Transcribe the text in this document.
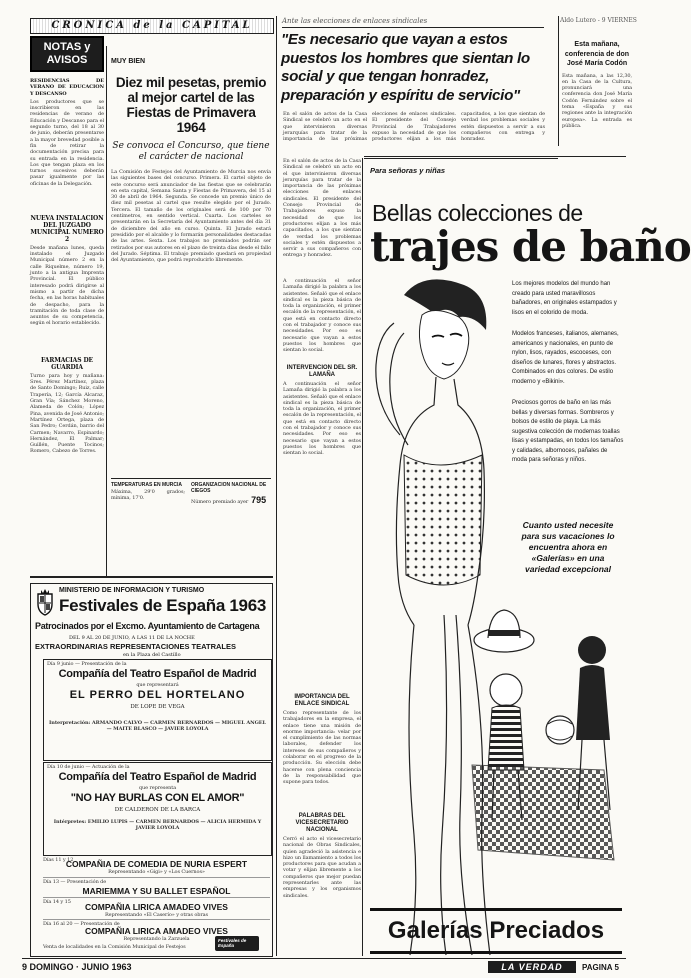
CRONICA de la CAPITAL	Ante las elecciones de enlaces sindicales	Aldo Lutero - 9 VIERNES
NOTAS y AVISOS
RESIDENCIAS DE VERANO DE EDUCACION Y DESCANSO
Los productores que se inscribieron en las residencias de verano de Educación y Descanso para el segundo turno, del 18 al 30 de junio, deberán presentarse a la mayor brevedad posible a fin de retirar la documentación precisa para su entrada en la residencia. Los que tengan plaza en los turnos sucesivos deberán pasar igualmente por las oficinas de la Delegación.
NUEVA INSTALACION DEL JUZGADO MUNICIPAL NUMERO 2
Desde mañana lunes, queda instalado el Juzgado Municipal número 2 en la calle Riquelme, número 19, junto a la antigua Imprenta Provincial. El público interesado podrá dirigirse al mismo a partir de dicha fecha, en las horas habituales de despacho, para la tramitación de toda clase de asuntos de su competencia, según el horario establecido.
FARMACIAS DE GUARDIA
Turno para hoy y mañana: Sres. Pérez Martínez, plaza de Santo Domingo; Ruiz, calle Trapería, 12; García Alcaraz, Gran Vía; Sánchez Moreno, Alameda de Colón; López Pina, avenida de José Antonio; Martínez Ortega, plaza de San Pedro; Cerdán, barrio del Carmen; Navarro, Espinardo; Hernández, El Palmar; Guillén, Puente Tocinos; Romero, Cabezo de Torres.
MUY BIEN
Diez mil pesetas, premio al mejor cartel de las Fiestas de Primavera 1964
Se convoca el Concurso, que tiene el carácter de nacional
La Comisión de Festejos del Ayuntamiento de Murcia nos envía las siguientes bases del concurso. Primera. El cartel objeto de este concurso será anunciador de las fiestas que se celebrarán en esta capital, Semana Santa y Fiestas de Primavera, del 15 al 30 de abril de 1964. Segunda. Se concede un premio único de diez mil pesetas al cartel que resulte elegido por el Jurado. Tercera. El tamaño de los originales será de 100 por 70 centímetros, en sentido vertical. Cuarta. Los carteles se presentarán en la Secretaría del Ayuntamiento antes del día 31 de diciembre del año en curso. Quinta. El Jurado estará presidido por el alcalde y lo formarán personalidades destacadas de las artes. Sexta. Los trabajos no premiados podrán ser retirados por sus autores en el plazo de treinta días desde el fallo del Jurado. Séptima. El trabajo premiado quedará en propiedad del Ayuntamiento, que podrá reproducirlo libremente.
TEMPERATURAS EN MURCIA
Máxima, 29'0 grados; mínima, 17'0.
ORGANIZACION NACIONAL DE CIEGOS
Número premiado ayer 795
MINISTERIO DE INFORMACION Y TURISMO
Festivales de España 1963
Patrocinados por el Excmo. Ayuntamiento de Cartagena
DEL 9 AL 20 DE JUNIO, A LAS 11 DE LA NOCHE
EXTRAORDINARIAS REPRESENTACIONES TEATRALES
en la Plaza del Castillo
Día 9 junio — Presentación de la
Compañía del Teatro Español de Madrid
que representará
EL PERRO DEL HORTELANO
DE LOPE DE VEGA
Interpretación: ARMANDO CALVO — CARMEN BERNARDOS — MIGUEL ANGEL — MAITE BLASCO — JAVIER LOYOLA
Día 10 de junio — Actuación de la
Compañía del Teatro Español de Madrid
que representa
"NO HAY BURLAS CON EL AMOR"
DE CALDERON DE LA BARCA
Intérpretes: EMILIO LUPIS — CARMEN BERNARDOS — ALICIA HERMIDA Y JAVIER LOYOLA
Días 11 y 12
COMPAÑIA DE COMEDIA DE NURIA ESPERT
Representando «Gigi» y «Los Cuernos»
Día 13 — Presentación de
MARIEMMA Y SU BALLET ESPAÑOL
Día 14 y 15	COMPAÑIA LIRICA AMADEO VIVES
Representando «El Caserío» y otras obras
Día 16 al 20 — Presentación de
COMPAÑIA LIRICA AMADEO VIVES
Representando la Zarzuela
Venta de localidades en la Comisión Municipal de Festejos
Festivales de España
"Es necesario que vayan a estos puestos los hombres que sientan lo social y que tengan honradez, preparación y espíritu de servicio"
En el salón de actos de la Casa Sindical se celebró un acto en el que intervinieron diversas jerarquías para tratar de la importancia de las próximas elecciones de enlaces sindicales. El presidente del Consejo Provincial de Trabajadores expuso la necesidad de que los productores elijan a los más capacitados, a los que sientan de verdad los problemas sociales y estén dispuestos a servir a sus compañeros con entrega y honradez.
En el salón de actos de la Casa Sindical se celebró un acto en el que intervinieron diversas jerarquías para tratar de la importancia de las próximas elecciones de enlaces sindicales. El presidente del Consejo Provincial de Trabajadores expuso la necesidad de que los productores elijan a los más capacitados, a los que sientan de verdad los problemas sociales y estén dispuestos a servir a sus compañeros con entrega y honradez.
A continuación el señor Lamaña dirigió la palabra a los asistentes. Señaló que el enlace sindical es la pieza básica de toda la organización, el primer escalón de la representación, el que está en contacto directo con el trabajador y conoce sus necesidades. Por eso es necesario que vayan a estos puestos los hombres que sientan lo social.
INTERVENCION DEL SR. LAMAÑA
A continuación el señor Lamaña dirigió la palabra a los asistentes. Señaló que el enlace sindical es la pieza básica de toda la organización, el primer escalón de la representación, el que está en contacto directo con el trabajador y conoce sus necesidades. Por eso es necesario que vayan a estos puestos los hombres que sientan lo social.
IMPORTANCIA DEL ENLACE SINDICAL
Como representante de los trabajadores en la empresa, el enlace tiene una misión de enorme importancia: velar por el cumplimiento de las normas laborales, defender los intereses de sus compañeros y colaborar en el progreso de la producción. Su elección debe hacerse con plena conciencia de la responsabilidad que supone para todos.
PALABRAS DEL VICESECRETARIO NACIONAL
Cerró el acto el vicesecretario nacional de Obras Sindicales, quien agradeció la asistencia e hizo un llamamiento a todos los productores para que acudan a votar y elijan libremente a los compañeros que mejor puedan representarles ante las empresas y los organismos sindicales.
Para señoras y niñas
Bellas colecciones de
trajes de baño
Los mejores modelos del mundo han creado para usted maravillosos bañadores, en originales estampados y lisos en el colorido de moda.
Modelos franceses, italianos, alemanes, americanos y nacionales, en punto de nylon, lisos, rayados, escoceses, con diseños de lunares, flores y abstractos. Combinados en dos colores. De estilo moderno y «Bikini».
Preciosos gorros de baño en las más bellas y diversas formas. Sombreros y bolsos de estilo de playa. La más sugestiva colección de modernas toallas lisas y estampadas, en todos los tamaños y calidades, albornoces, pañales de moda para señoras y niños.
Cuanto usted necesite para sus vacaciones lo encuentra ahora en «Galerías» en una variedad excepcional
Galerías Preciados
Esta mañana, conferencia de don José María Codón
Esta mañana, a las 12,30, en la Casa de la Cultura, pronunciará una conferencia don José María Codón Fernández sobre el tema «España y sus regiones ante la integración europea». La entrada es pública.
9 DOMINGO · JUNIO 1963	LA VERDAD PAGINA 5
